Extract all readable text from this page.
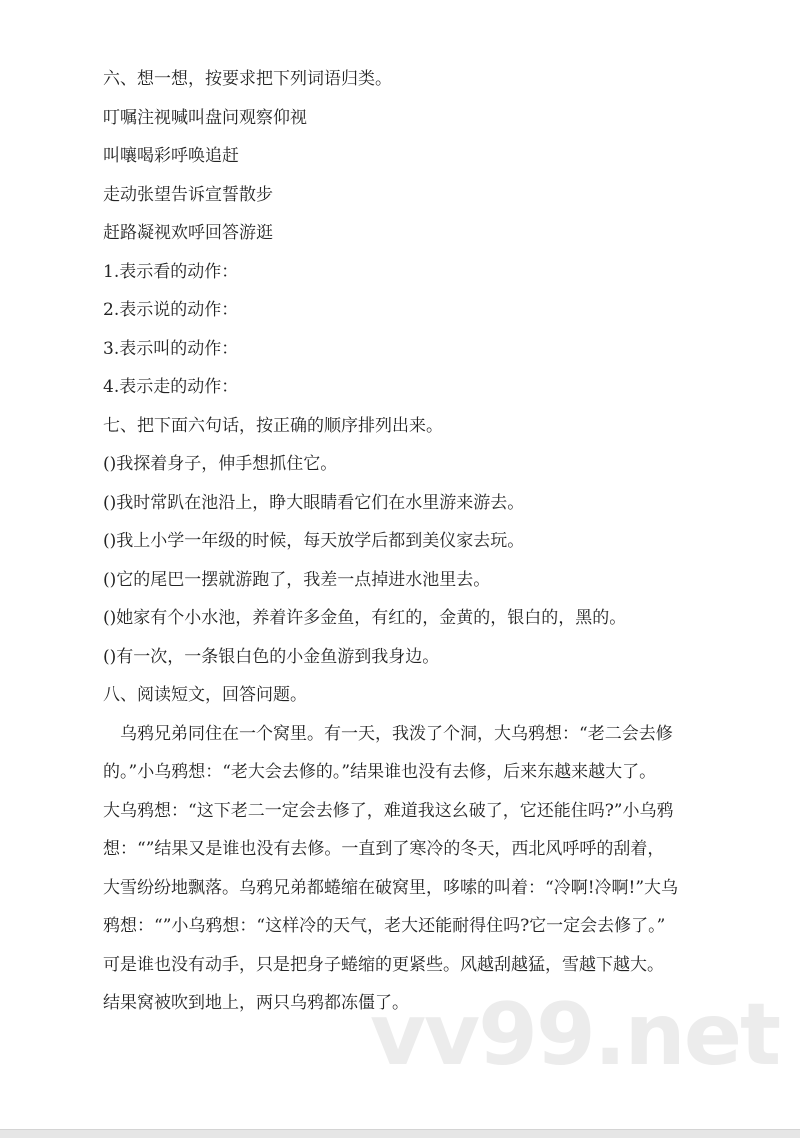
vv99.net
六、想一想，按要求把下列词语归类。
叮嘱注视喊叫盘问观察仰视
叫嚷喝彩呼唤追赶
走动张望告诉宣誓散步
赶路凝视欢呼回答游逛
1.表示看的动作：
2.表示说的动作：
3.表示叫的动作：
4.表示走的动作：
七、把下面六句话，按正确的顺序排列出来。
()我探着身子，伸手想抓住它。
()我时常趴在池沿上，睁大眼睛看它们在水里游来游去。
()我上小学一年级的时候，每天放学后都到美仪家去玩。
()它的尾巴一摆就游跑了，我差一点掉进水池里去。
()她家有个小水池，养着许多金鱼，有红的，金黄的，银白的，黑的。
()有一次，一条银白色的小金鱼游到我身边。
八、阅读短文，回答问题。
乌鸦兄弟同住在一个窝里。有一天，我泼了个洞，大乌鸦想：“老二会去修
的。”小乌鸦想：“老大会去修的。”结果谁也没有去修，后来东越来越大了。
大乌鸦想：“这下老二一定会去修了，难道我这幺破了，它还能住吗?”小乌鸦
想：“”结果又是谁也没有去修。一直到了寒冷的冬天，西北风呼呼的刮着，
大雪纷纷地飘落。乌鸦兄弟都蜷缩在破窝里，哆嗦的叫着：“冷啊!冷啊!”大乌
鸦想：“”小乌鸦想：“这样冷的天气，老大还能耐得住吗?它一定会去修了。”
可是谁也没有动手，只是把身子蜷缩的更紧些。风越刮越猛，雪越下越大。
结果窝被吹到地上，两只乌鸦都冻僵了。
